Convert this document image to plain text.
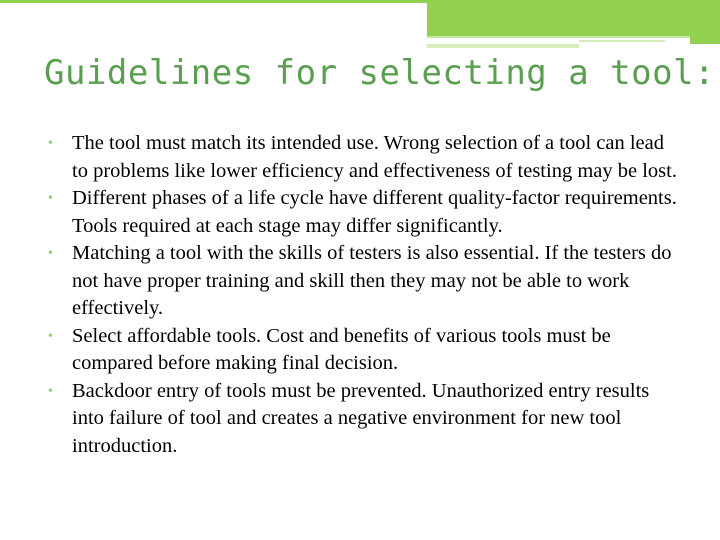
Guidelines for selecting a tool:
• The tool must match its intended use. Wrong selection of a tool can lead to problems like lower efficiency and effectiveness of testing may be lost.
• Different phases of a life cycle have different quality-factor requirements. Tools required at each stage may differ significantly.
• Matching a tool with the skills of testers is also essential. If the testers do not have proper training and skill then they may not be able to work effectively.
• Select affordable tools. Cost and benefits of various tools must be compared before making final decision.
• Backdoor entry of tools must be prevented. Unauthorized entry results into failure of tool and creates a negative environment for new tool introduction.
